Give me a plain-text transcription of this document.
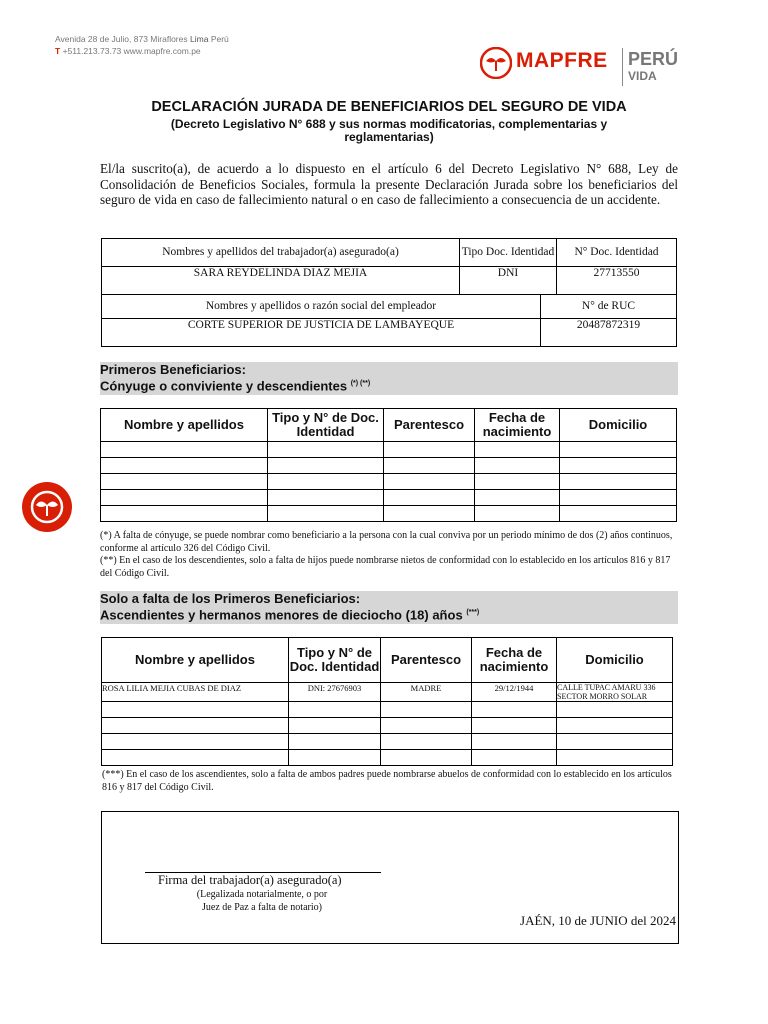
Avenida 28 de Julio, 873 Miraflores Lima Perú
T +511.213.73.73 www.mapfre.com.pe	MAPFRE PERÚ
VIDA
DECLARACIÓN JURADA DE BENEFICIARIOS DEL SEGURO DE VIDA
(Decreto Legislativo N° 688 y sus normas modificatorias, complementarias y reglamentarias)
El/la suscrito(a), de acuerdo a lo dispuesto en el artículo 6 del Decreto Legislativo N° 688, Ley de Consolidación de Beneficios Sociales, formula la presente Declaración Jurada sobre los beneficiarios del seguro de vida en caso de fallecimiento natural o en caso de fallecimiento a consecuencia de un accidente.
Nombres y apellidos del trabajador(a) asegurado(a)	Tipo Doc. Identidad	N° Doc. Identidad
SARA REYDELINDA DIAZ MEJIA	DNI	27713550
Nombres y apellidos o razón social del empleador	N° de RUC
CORTE SUPERIOR DE JUSTICIA DE LAMBAYEQUE	20487872319
Primeros Beneficiarios:
Cónyuge o conviviente y descendientes (*) (**)
Nombre y apellidos	Tipo y N° de Doc. Identidad	Parentesco	Fecha de nacimiento	Domicilio

(*) A falta de cónyuge, se puede nombrar como beneficiario a la persona con la cual conviva por un periodo mínimo de dos (2) años continuos, conforme al artículo 326 del Código Civil.
(**) En el caso de los descendientes, solo a falta de hijos puede nombrarse nietos de conformidad con lo establecido en los artículos 816 y 817 del Código Civil.
Solo a falta de los Primeros Beneficiarios:
Ascendientes y hermanos menores de dieciocho (18) años (***)
Nombre y apellidos	Tipo y N° de Doc. Identidad	Parentesco	Fecha de nacimiento	Domicilio
ROSA LILIA MEJIA CUBAS DE DIAZ	DNI: 27676903	MADRE	29/12/1944	CALLE TUPAC AMARU 336
SECTOR MORRO SOLAR

(***) En el caso de los ascendientes, solo a falta de ambos padres puede nombrarse abuelos de conformidad con lo establecido en los artículos 816 y 817 del Código Civil.
Firma del trabajador(a) asegurado(a)
(Legalizada notarialmente, o por
Juez de Paz a falta de notario)
JAÉN, 10 de JUNIO del 2024
